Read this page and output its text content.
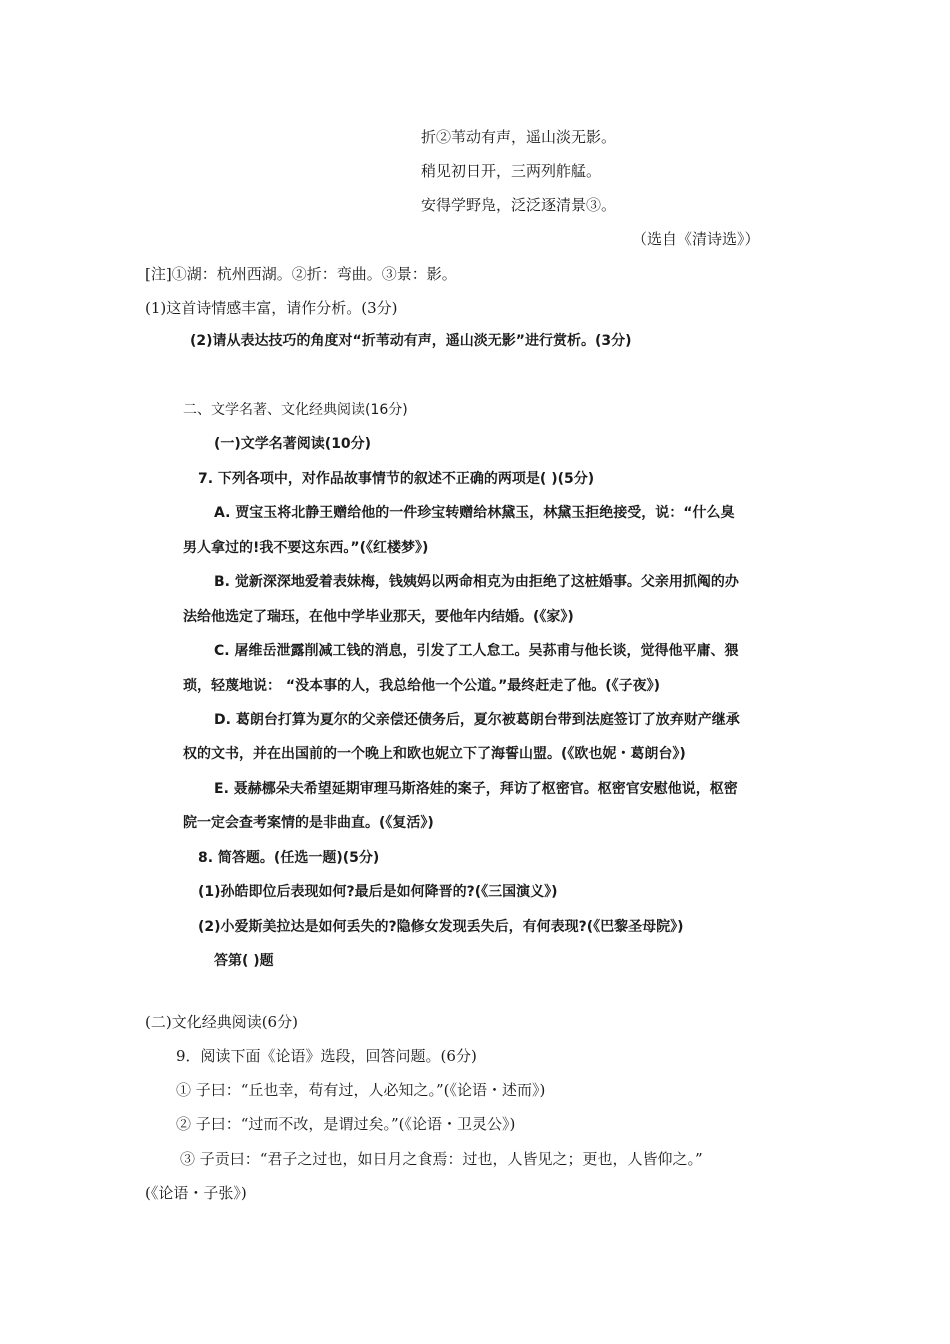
折②苇动有声，遥山淡无影。
稍见初日开，三两列舴艋。
安得学野凫，泛泛逐清景③。
（选自《清诗选》）
[注]①湖：杭州西湖。②折：弯曲。③景：影。
(1)这首诗情感丰富，请作分析。(3分)
(2)请从表达技巧的角度对“折苇动有声，遥山淡无影”进行赏析。(3分)
二、文学名著、文化经典阅读(16分)
(一)文学名著阅读(10分)
7. 下列各项中，对作品故事情节的叙述不正确的两项是( )(5分)
A. 贾宝玉将北静王赠给他的一件珍宝转赠给林黛玉，林黛玉拒绝接受，说：“什么臭
男人拿过的!我不要这东西。”(《红楼梦》)
B. 觉新深深地爱着表妹梅，钱姨妈以两命相克为由拒绝了这桩婚事。父亲用抓阄的办
法给他选定了瑞珏，在他中学毕业那天，要他年内结婚。(《家》)
C. 屠维岳泄露削减工钱的消息，引发了工人怠工。吴荪甫与他长谈，觉得他平庸、猥
琐，轻蔑地说： “没本事的人，我总给他一个公道。”最终赶走了他。(《子夜》)
D. 葛朗台打算为夏尔的父亲偿还债务后，夏尔被葛朗台带到法庭签订了放弃财产继承
权的文书，并在出国前的一个晚上和欧也妮立下了海誓山盟。(《欧也妮・葛朗台》)
E. 聂赫梛朵夫希望延期审理马斯洛娃的案子，拜访了枢密官。枢密官安慰他说，枢密
院一定会查考案情的是非曲直。(《复活》)
8. 简答题。(任选一题)(5分)
(1)孙皓即位后表现如何?最后是如何降晋的?(《三国演义》)
(2)小爱斯美拉达是如何丢失的?隐修女发现丢失后，有何表现?(《巴黎圣母院》)
答第( )题
(二)文化经典阅读(6分)
9．阅读下面《论语》选段，回答问题。(6分)
① 子曰：“丘也幸，苟有过，人必知之。”(《论语・述而》)
② 子曰：“过而不改，是谓过矣。”(《论语・卫灵公》)
③ 子贡曰：“君子之过也，如日月之食焉：过也，人皆见之；更也，人皆仰之。”
(《论语・子张》)
